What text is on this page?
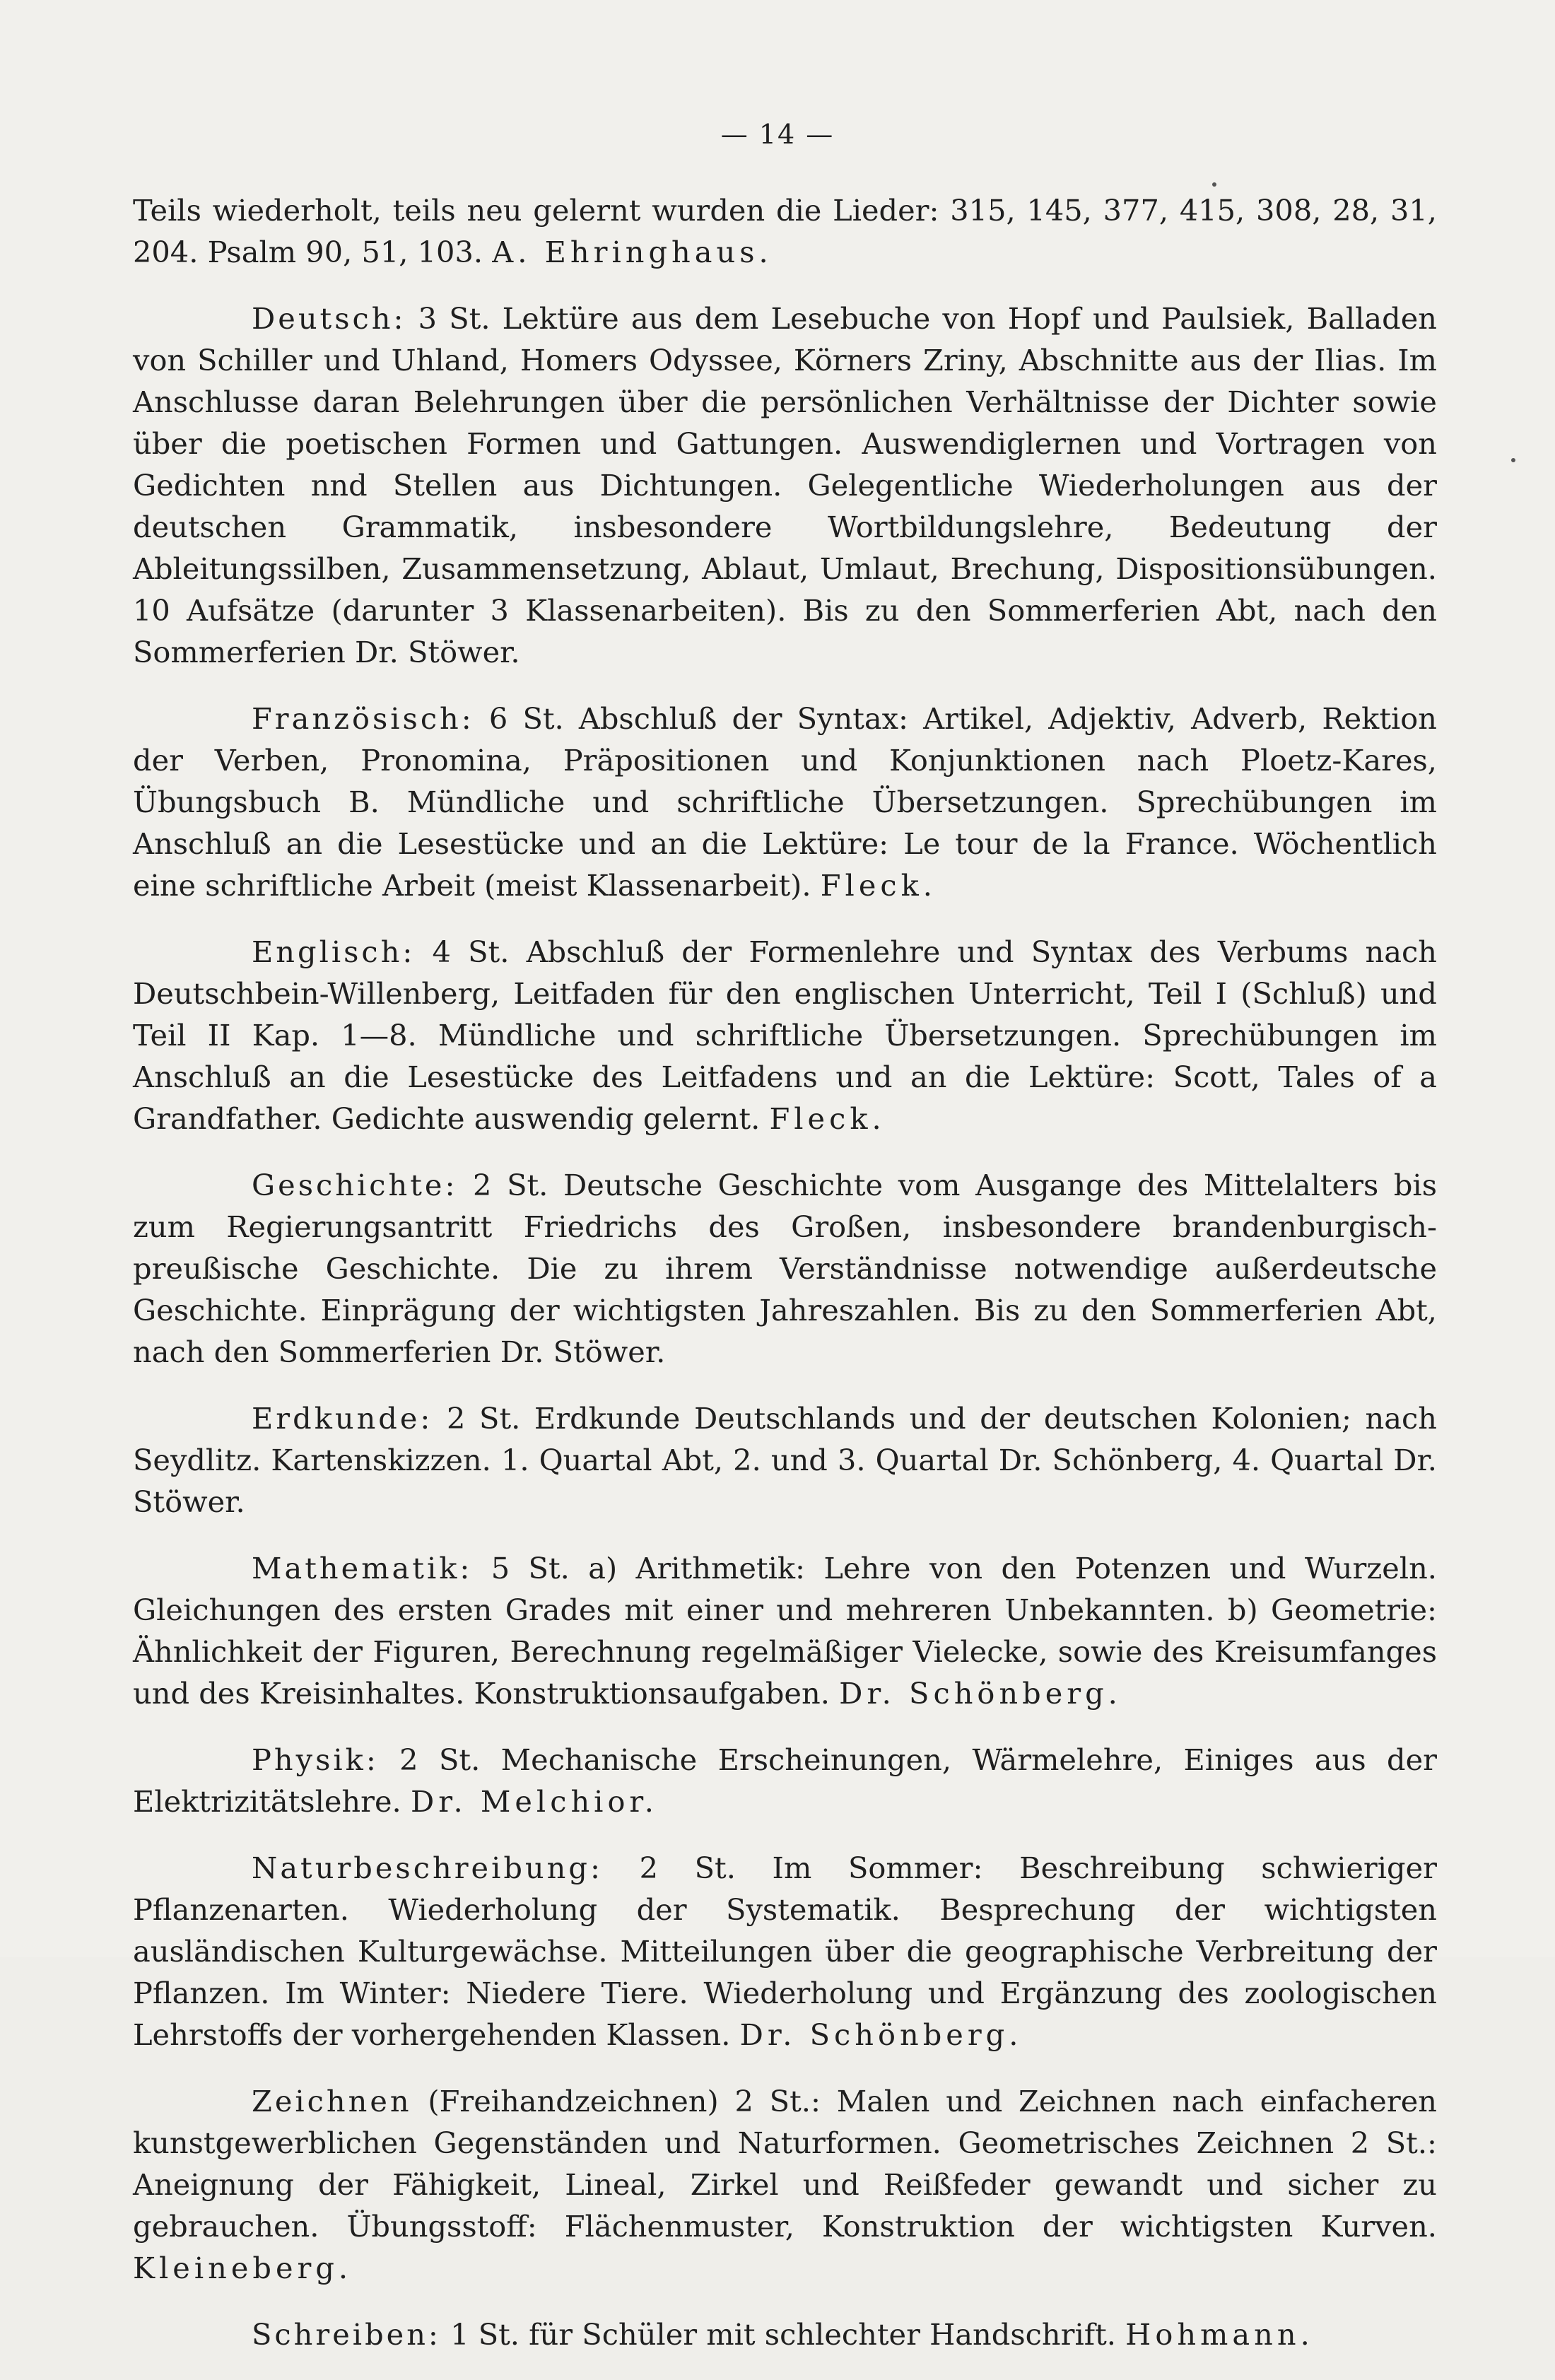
— 14 —

Teils wiederholt, teils neu gelernt wurden die Lieder: 315, 145, 377, 415, 308, 28, 31, 204. Psalm 90, 51, 103. A. Ehringhaus.

Deutsch: 3 St. Lektüre aus dem Lesebuche von Hopf und Paulsiek, Balladen von Schiller und Uhland, Homers Odyssee, Körners Zriny, Abschnitte aus der Ilias. Im Anschlusse daran Belehrungen über die persönlichen Verhältnisse der Dichter sowie über die poetischen Formen und Gattungen. Auswendiglernen und Vortragen von Gedichten nnd Stellen aus Dichtungen. Gelegentliche Wiederholungen aus der deutschen Grammatik, insbesondere Wortbildungslehre, Bedeutung der Ableitungssilben, Zusammensetzung, Ablaut, Umlaut, Brechung, Dispositionsübungen. 10 Aufsätze (darunter 3 Klassenarbeiten). Bis zu den Sommerferien Abt, nach den Sommerferien Dr. Stöwer.

Französisch: 6 St. Abschluß der Syntax: Artikel, Adjektiv, Adverb, Rektion der Verben, Pronomina, Präpositionen und Konjunktionen nach Ploetz-Kares, Übungsbuch B. Mündliche und schriftliche Übersetzungen. Sprechübungen im Anschluß an die Lesestücke und an die Lektüre: Le tour de la France. Wöchentlich eine schriftliche Arbeit (meist Klassenarbeit). Fleck.

Englisch: 4 St. Abschluß der Formenlehre und Syntax des Verbums nach Deutschbein-Willenberg, Leitfaden für den englischen Unterricht, Teil I (Schluß) und Teil II Kap. 1—8. Mündliche und schriftliche Übersetzungen. Sprechübungen im Anschluß an die Lesestücke des Leitfadens und an die Lektüre: Scott, Tales of a Grandfather. Gedichte auswendig gelernt. Fleck.

Geschichte: 2 St. Deutsche Geschichte vom Ausgange des Mittelalters bis zum Regierungsantritt Friedrichs des Großen, insbesondere brandenburgisch-preußische Geschichte. Die zu ihrem Verständnisse notwendige außerdeutsche Geschichte. Einprägung der wichtigsten Jahreszahlen. Bis zu den Sommerferien Abt, nach den Sommerferien Dr. Stöwer.

Erdkunde: 2 St. Erdkunde Deutschlands und der deutschen Kolonien; nach Seydlitz. Kartenskizzen. 1. Quartal Abt, 2. und 3. Quartal Dr. Schönberg, 4. Quartal Dr. Stöwer.

Mathematik: 5 St. a) Arithmetik: Lehre von den Potenzen und Wurzeln. Gleichungen des ersten Grades mit einer und mehreren Unbekannten. b) Geometrie: Ähnlichkeit der Figuren, Berechnung regelmäßiger Vielecke, sowie des Kreisumfanges und des Kreisinhaltes. Konstruktionsaufgaben. Dr. Schönberg.

Physik: 2 St. Mechanische Erscheinungen, Wärmelehre, Einiges aus der Elektrizitätslehre. Dr. Melchior.

Naturbeschreibung: 2 St. Im Sommer: Beschreibung schwieriger Pflanzenarten. Wiederholung der Systematik. Besprechung der wichtigsten ausländischen Kulturgewächse. Mitteilungen über die geographische Verbreitung der Pflanzen. Im Winter: Niedere Tiere. Wiederholung und Ergänzung des zoologischen Lehrstoffs der vorhergehenden Klassen. Dr. Schönberg.

Zeichnen (Freihandzeichnen) 2 St.: Malen und Zeichnen nach einfacheren kunstgewerblichen Gegenständen und Naturformen. Geometrisches Zeichnen 2 St.: Aneignung der Fähigkeit, Lineal, Zirkel und Reißfeder gewandt und sicher zu gebrauchen. Übungsstoff: Flächenmuster, Konstruktion der wichtigsten Kurven. Kleineberg.

Schreiben: 1 St. für Schüler mit schlechter Handschrift. Hohmann.
